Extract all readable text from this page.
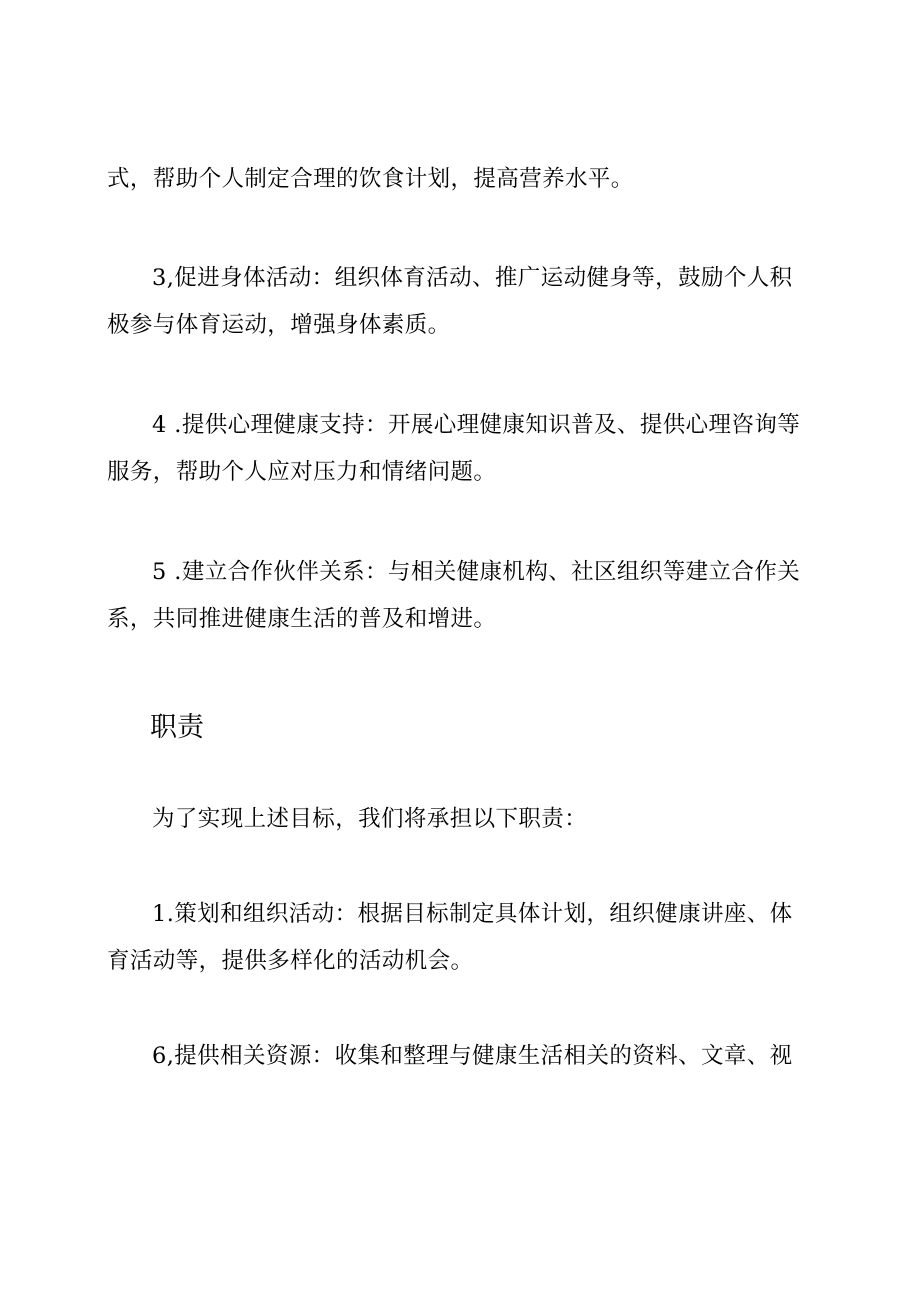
式，帮助个人制定合理的饮食计划，提高营养水平。

3,促进身体活动：组织体育活动、推广运动健身等，鼓励个人积极参与体育运动，增强身体素质。

4 .提供心理健康支持：开展心理健康知识普及、提供心理咨询等服务，帮助个人应对压力和情绪问题。

5 .建立合作伙伴关系：与相关健康机构、社区组织等建立合作关系，共同推进健康生活的普及和增进。

职责

为了实现上述目标，我们将承担以下职责：

1.策划和组织活动：根据目标制定具体计划，组织健康讲座、体育活动等，提供多样化的活动机会。

6,提供相关资源：收集和整理与健康生活相关的资料、文章、视
